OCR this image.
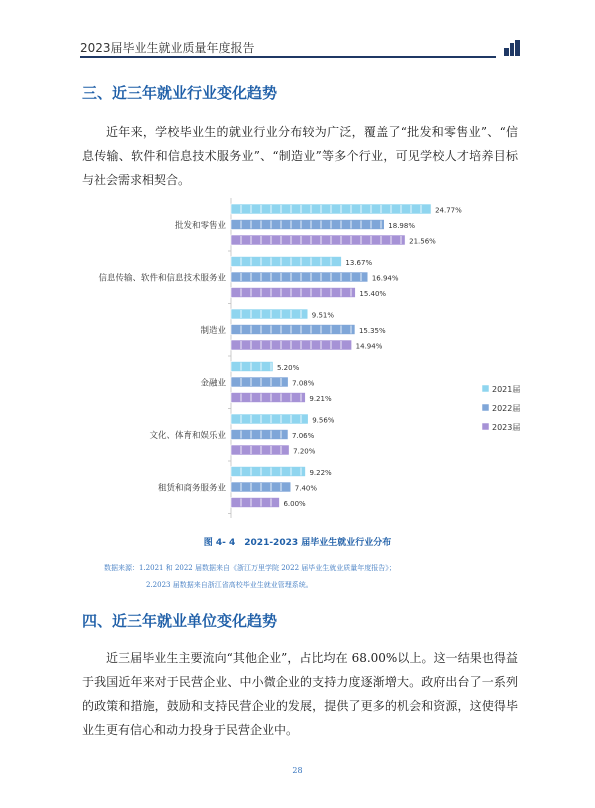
2023届毕业生就业质量年度报告
三、近三年就业行业变化趋势

近年来，学校毕业生的就业行业分布较为广泛，覆盖了“批发和零售业”、“信息传输、软件和信息技术服务业”、“制造业”等多个行业，可见学校人才培养目标与社会需求相契合。

批发和零售业
24.77%
18.98%
21.56%
信息传输、软件和信息技术服务业
13.67%
16.94%
15.40%
制造业
9.51%
15.35%
14.94%
金融业
5.20%
7.08%
9.21%
文化、体育和娱乐业
9.56%
7.06%
7.20%
租赁和商务服务业
9.22%
7.40%
6.00%
2021届
2022届
2023届
图 4- 4　2021-2023 届毕业生就业行业分布
数据来源：1.2021 和 2022 届数据来自《浙江万里学院 2022 届毕业生就业质量年度报告》；
2.2023 届数据来自浙江省高校毕业生就业管理系统。
四、近三年就业单位变化趋势

近三届毕业生主要流向“其他企业”，占比均在 68.00%以上。这一结果也得益于我国近年来对于民营企业、中小微企业的支持力度逐渐增大。政府出台了一系列的政策和措施，鼓励和支持民营企业的发展，提供了更多的机会和资源，这使得毕业生更有信心和动力投身于民营企业中。

28
